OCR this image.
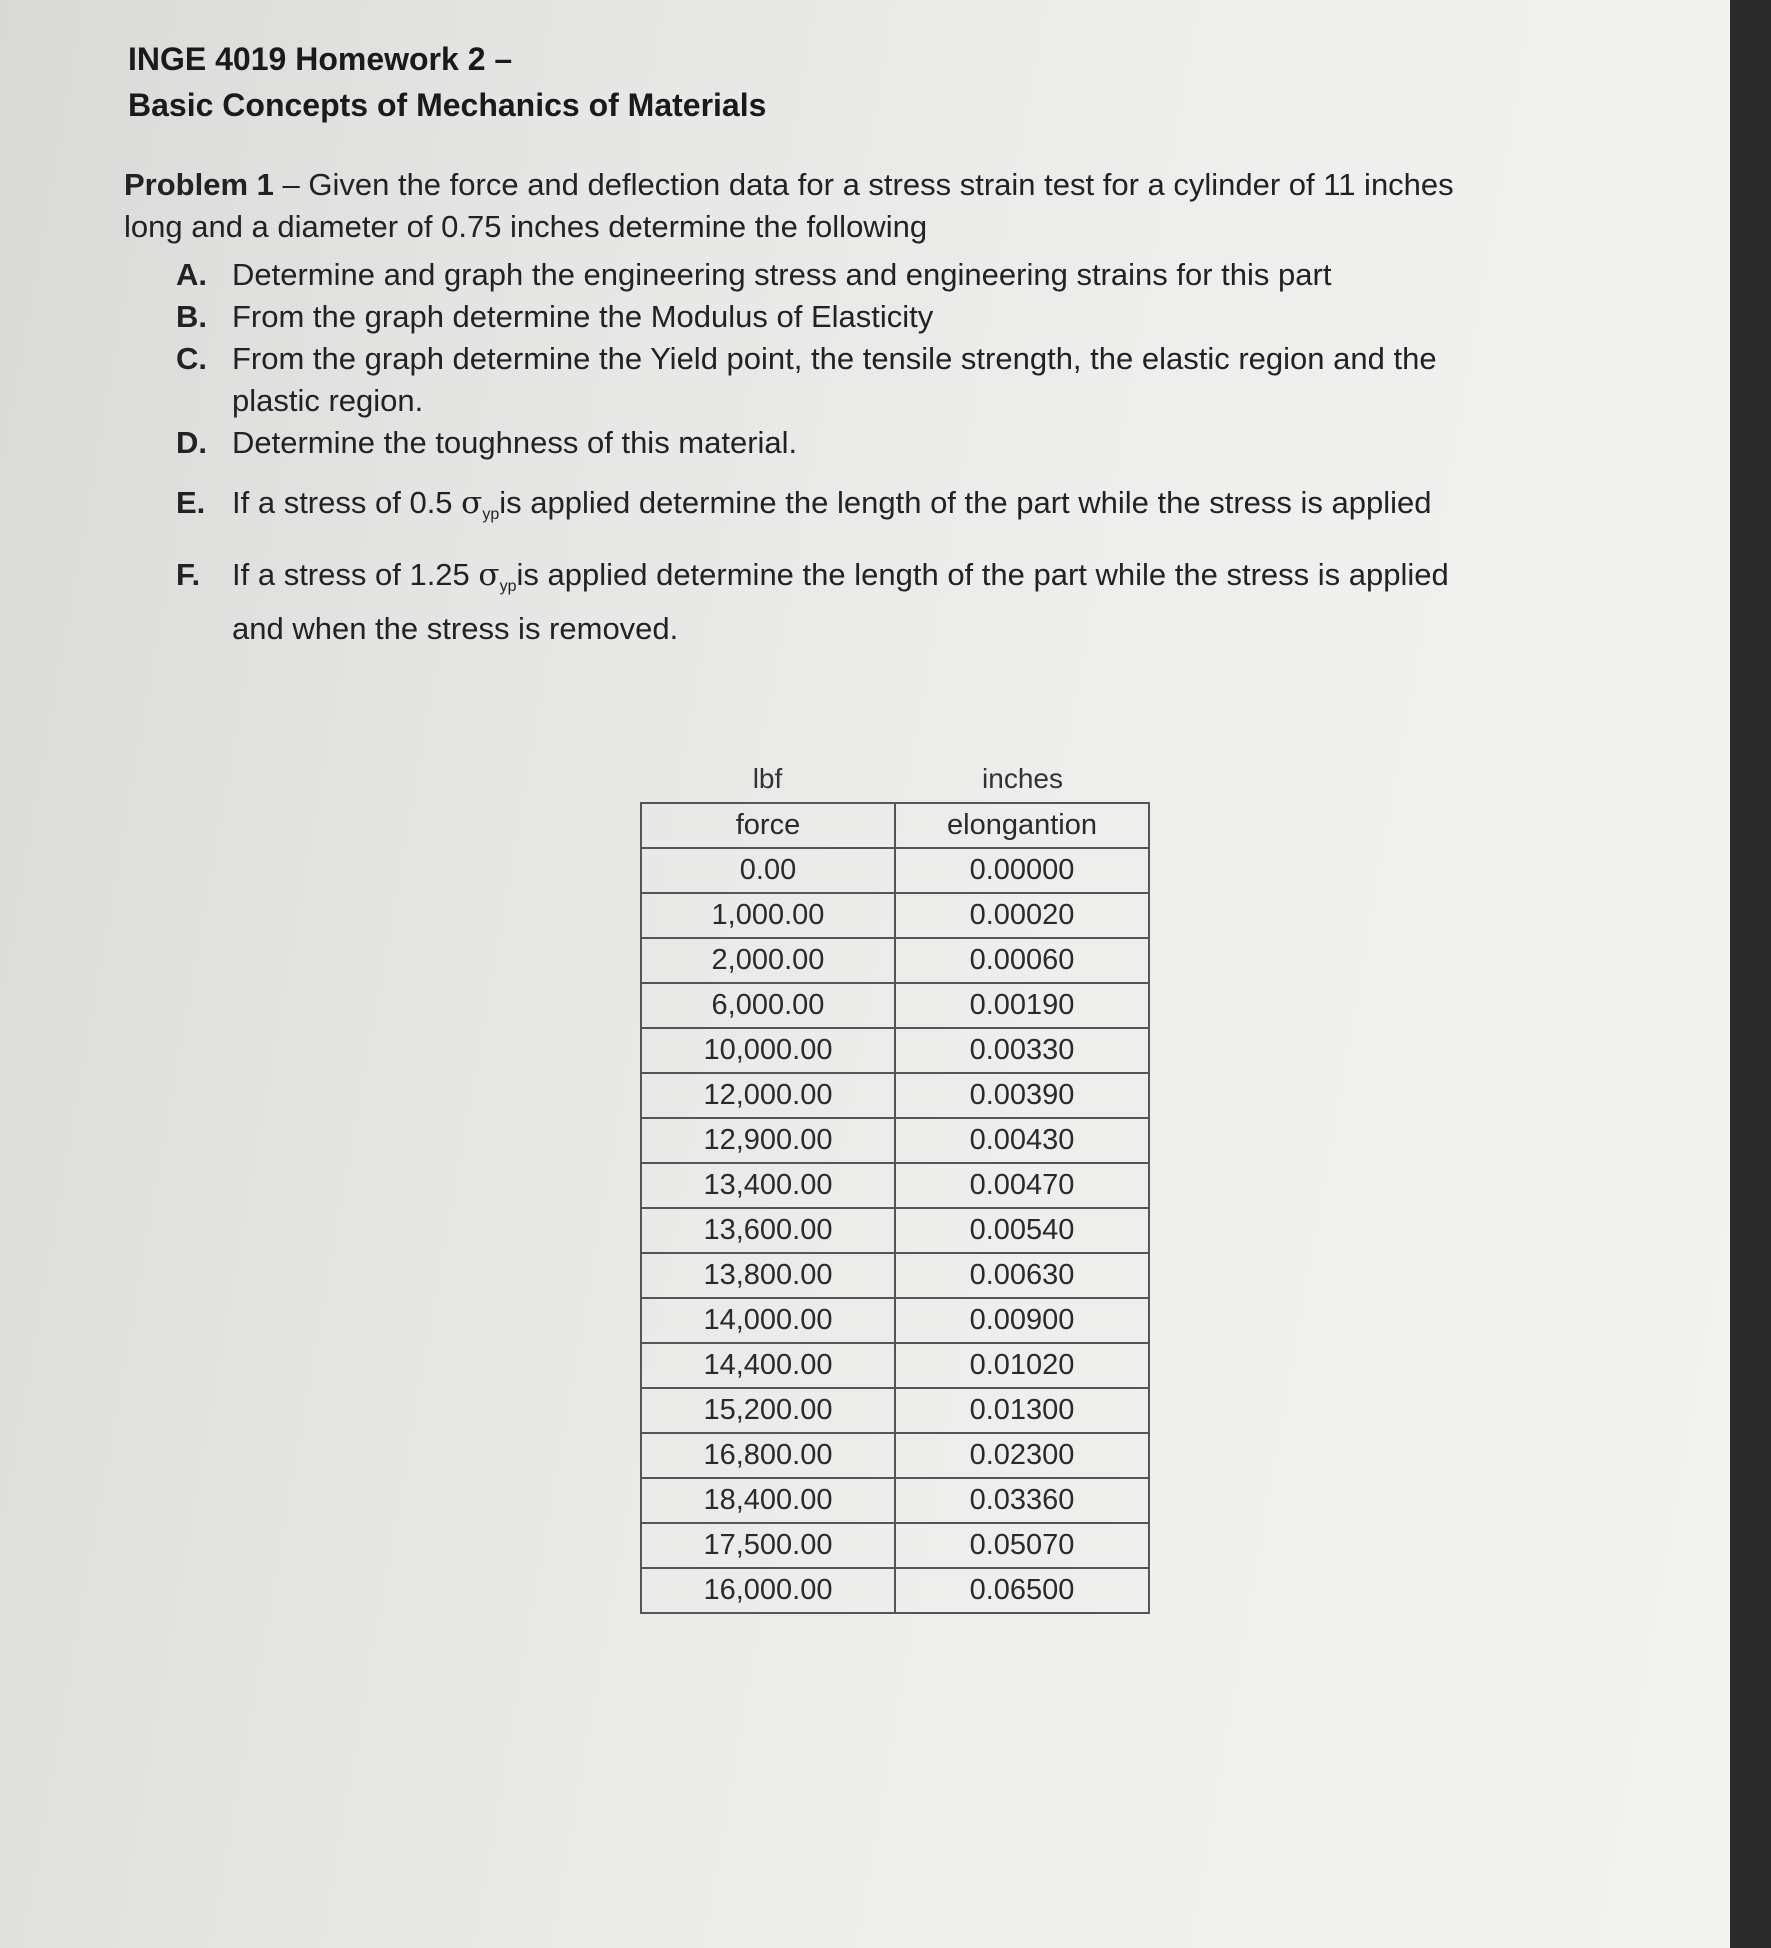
INGE 4019 Homework 2 –
Basic Concepts of Mechanics of Materials
Problem 1 – Given the force and deflection data for a stress strain test for a cylinder of 11 inches long and a diameter of 0.75 inches determine the following
A. Determine and graph the engineering stress and engineering strains for this part
B. From the graph determine the Modulus of Elasticity
C. From the graph determine the Yield point, the tensile strength, the elastic region and the plastic region.
D. Determine the toughness of this material.
E. If a stress of 0.5 $\sigma_{yp}is$ applied determine the length of the part while the stress is applied
F. If a stress of 1.25 $\sigma_{yp}is$ applied determine the length of the part while the stress is applied and when the stress is removed.
lbf	inches
force	elongantion
0.00	0.00000
1,000.00	0.00020
2,000.00	0.00060
6,000.00	0.00190
10,000.00	0.00330
12,000.00	0.00390
12,900.00	0.00430
13,400.00	0.00470
13,600.00	0.00540
13,800.00	0.00630
14,000.00	0.00900
14,400.00	0.01020
15,200.00	0.01300
16,800.00	0.02300
18,400.00	0.03360
17,500.00	0.05070
16,000.00	0.06500
